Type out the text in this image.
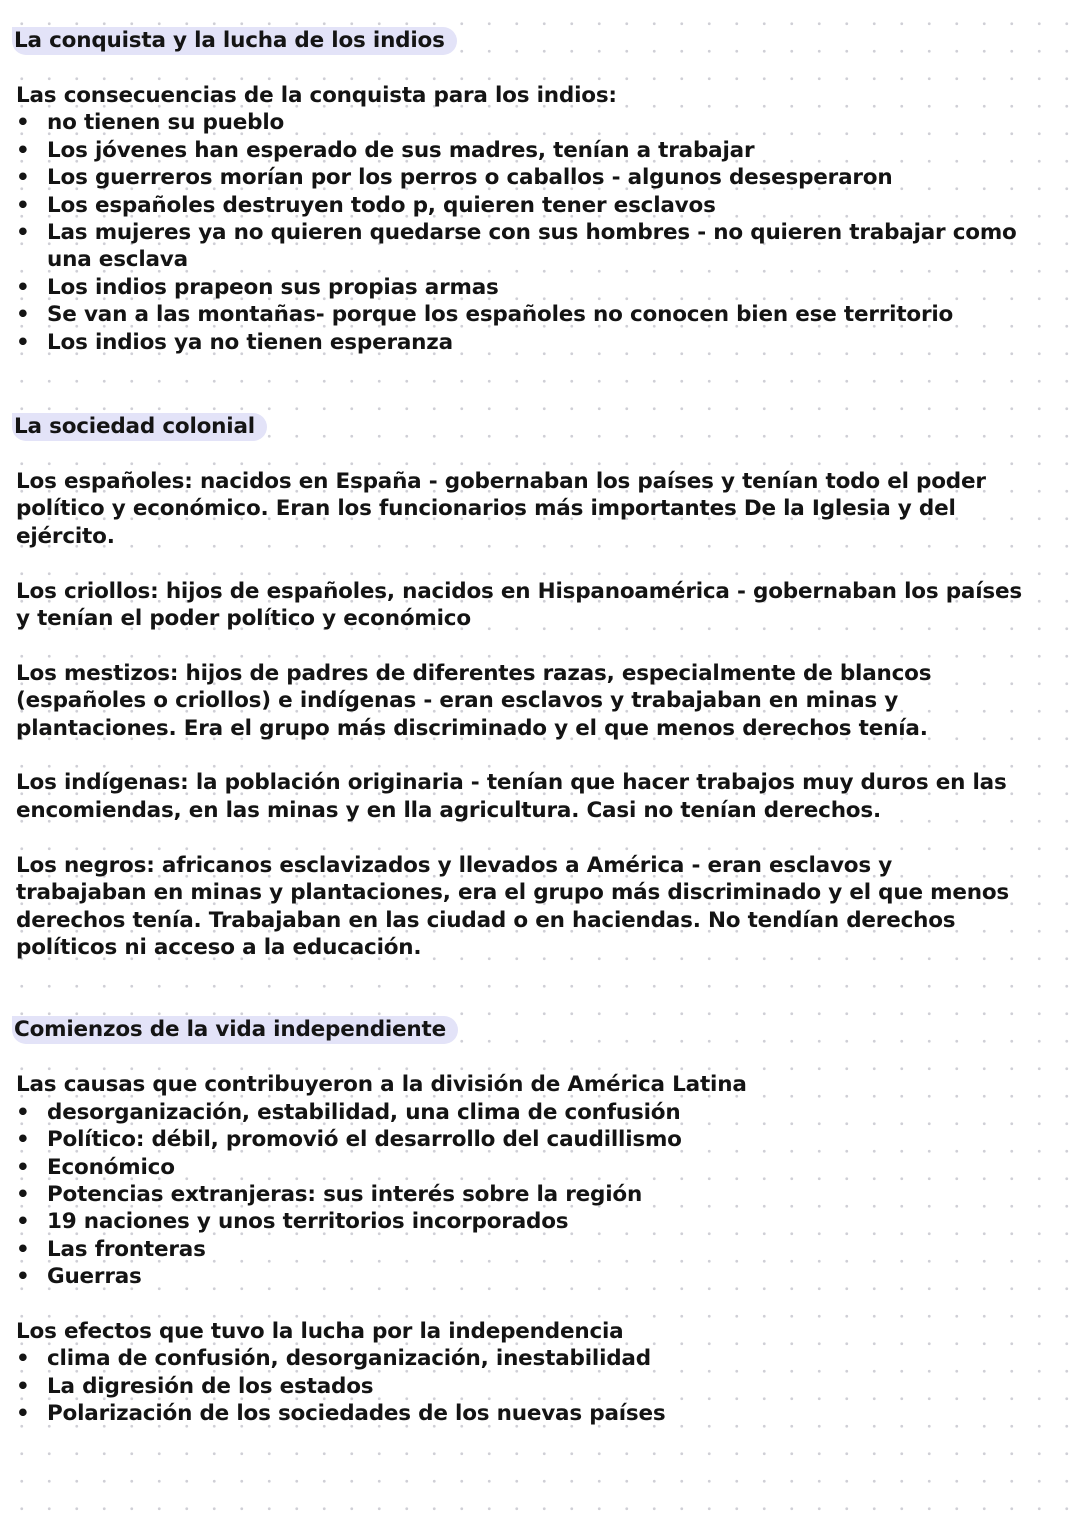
La conquista y la lucha de los indios

Las consecuencias de la conquista para los indios:

• no tienen su pueblo
• Los jóvenes han esperado de sus madres, tenían a trabajar
• Los guerreros morían por los perros o caballos - algunos desesperaron
• Los españoles destruyen todo p, quieren tener esclavos
• Las mujeres ya no quieren quedarse con sus hombres - no quieren trabajar como una esclava
• Los indios prapeon sus propias armas
• Se van a las montañas- porque los españoles no conocen bien ese territorio
• Los indios ya no tienen esperanza
La sociedad colonial

Los españoles: nacidos en España - gobernaban los países y tenían todo el poder político y económico. Eran los funcionarios más importantes De la Iglesia y del ejército.

Los criollos: hijos de españoles, nacidos en Hispanoamérica - gobernaban los países y tenían el poder político y económico

Los mestizos: hijos de padres de diferentes razas, especialmente de blancos (españoles o criollos) e indígenas - eran esclavos y trabajaban en minas y plantaciones. Era el grupo más discriminado y el que menos derechos tenía.

Los indígenas: la población originaria - tenían que hacer trabajos muy duros en las encomiendas, en las minas y en lla agricultura. Casi no tenían derechos.

Los negros: africanos esclavizados y llevados a América - eran esclavos y trabajaban en minas y plantaciones, era el grupo más discriminado y el que menos derechos tenía. Trabajaban en las ciudad o en haciendas. No tendían derechos políticos ni acceso a la educación.

Comienzos de la vida independiente

Las causas que contribuyeron a la división de América Latina

• desorganización, estabilidad, una clima de confusión
• Político: débil, promovió el desarrollo del caudillismo
• Económico
• Potencias extranjeras: sus interés sobre la región
• 19 naciones y unos territorios incorporados
• Las fronteras
• Guerras

Los efectos que tuvo la lucha por la independencia

• clima de confusión, desorganización, inestabilidad
• La digresión de los estados
• Polarización de los sociedades de los nuevas países
